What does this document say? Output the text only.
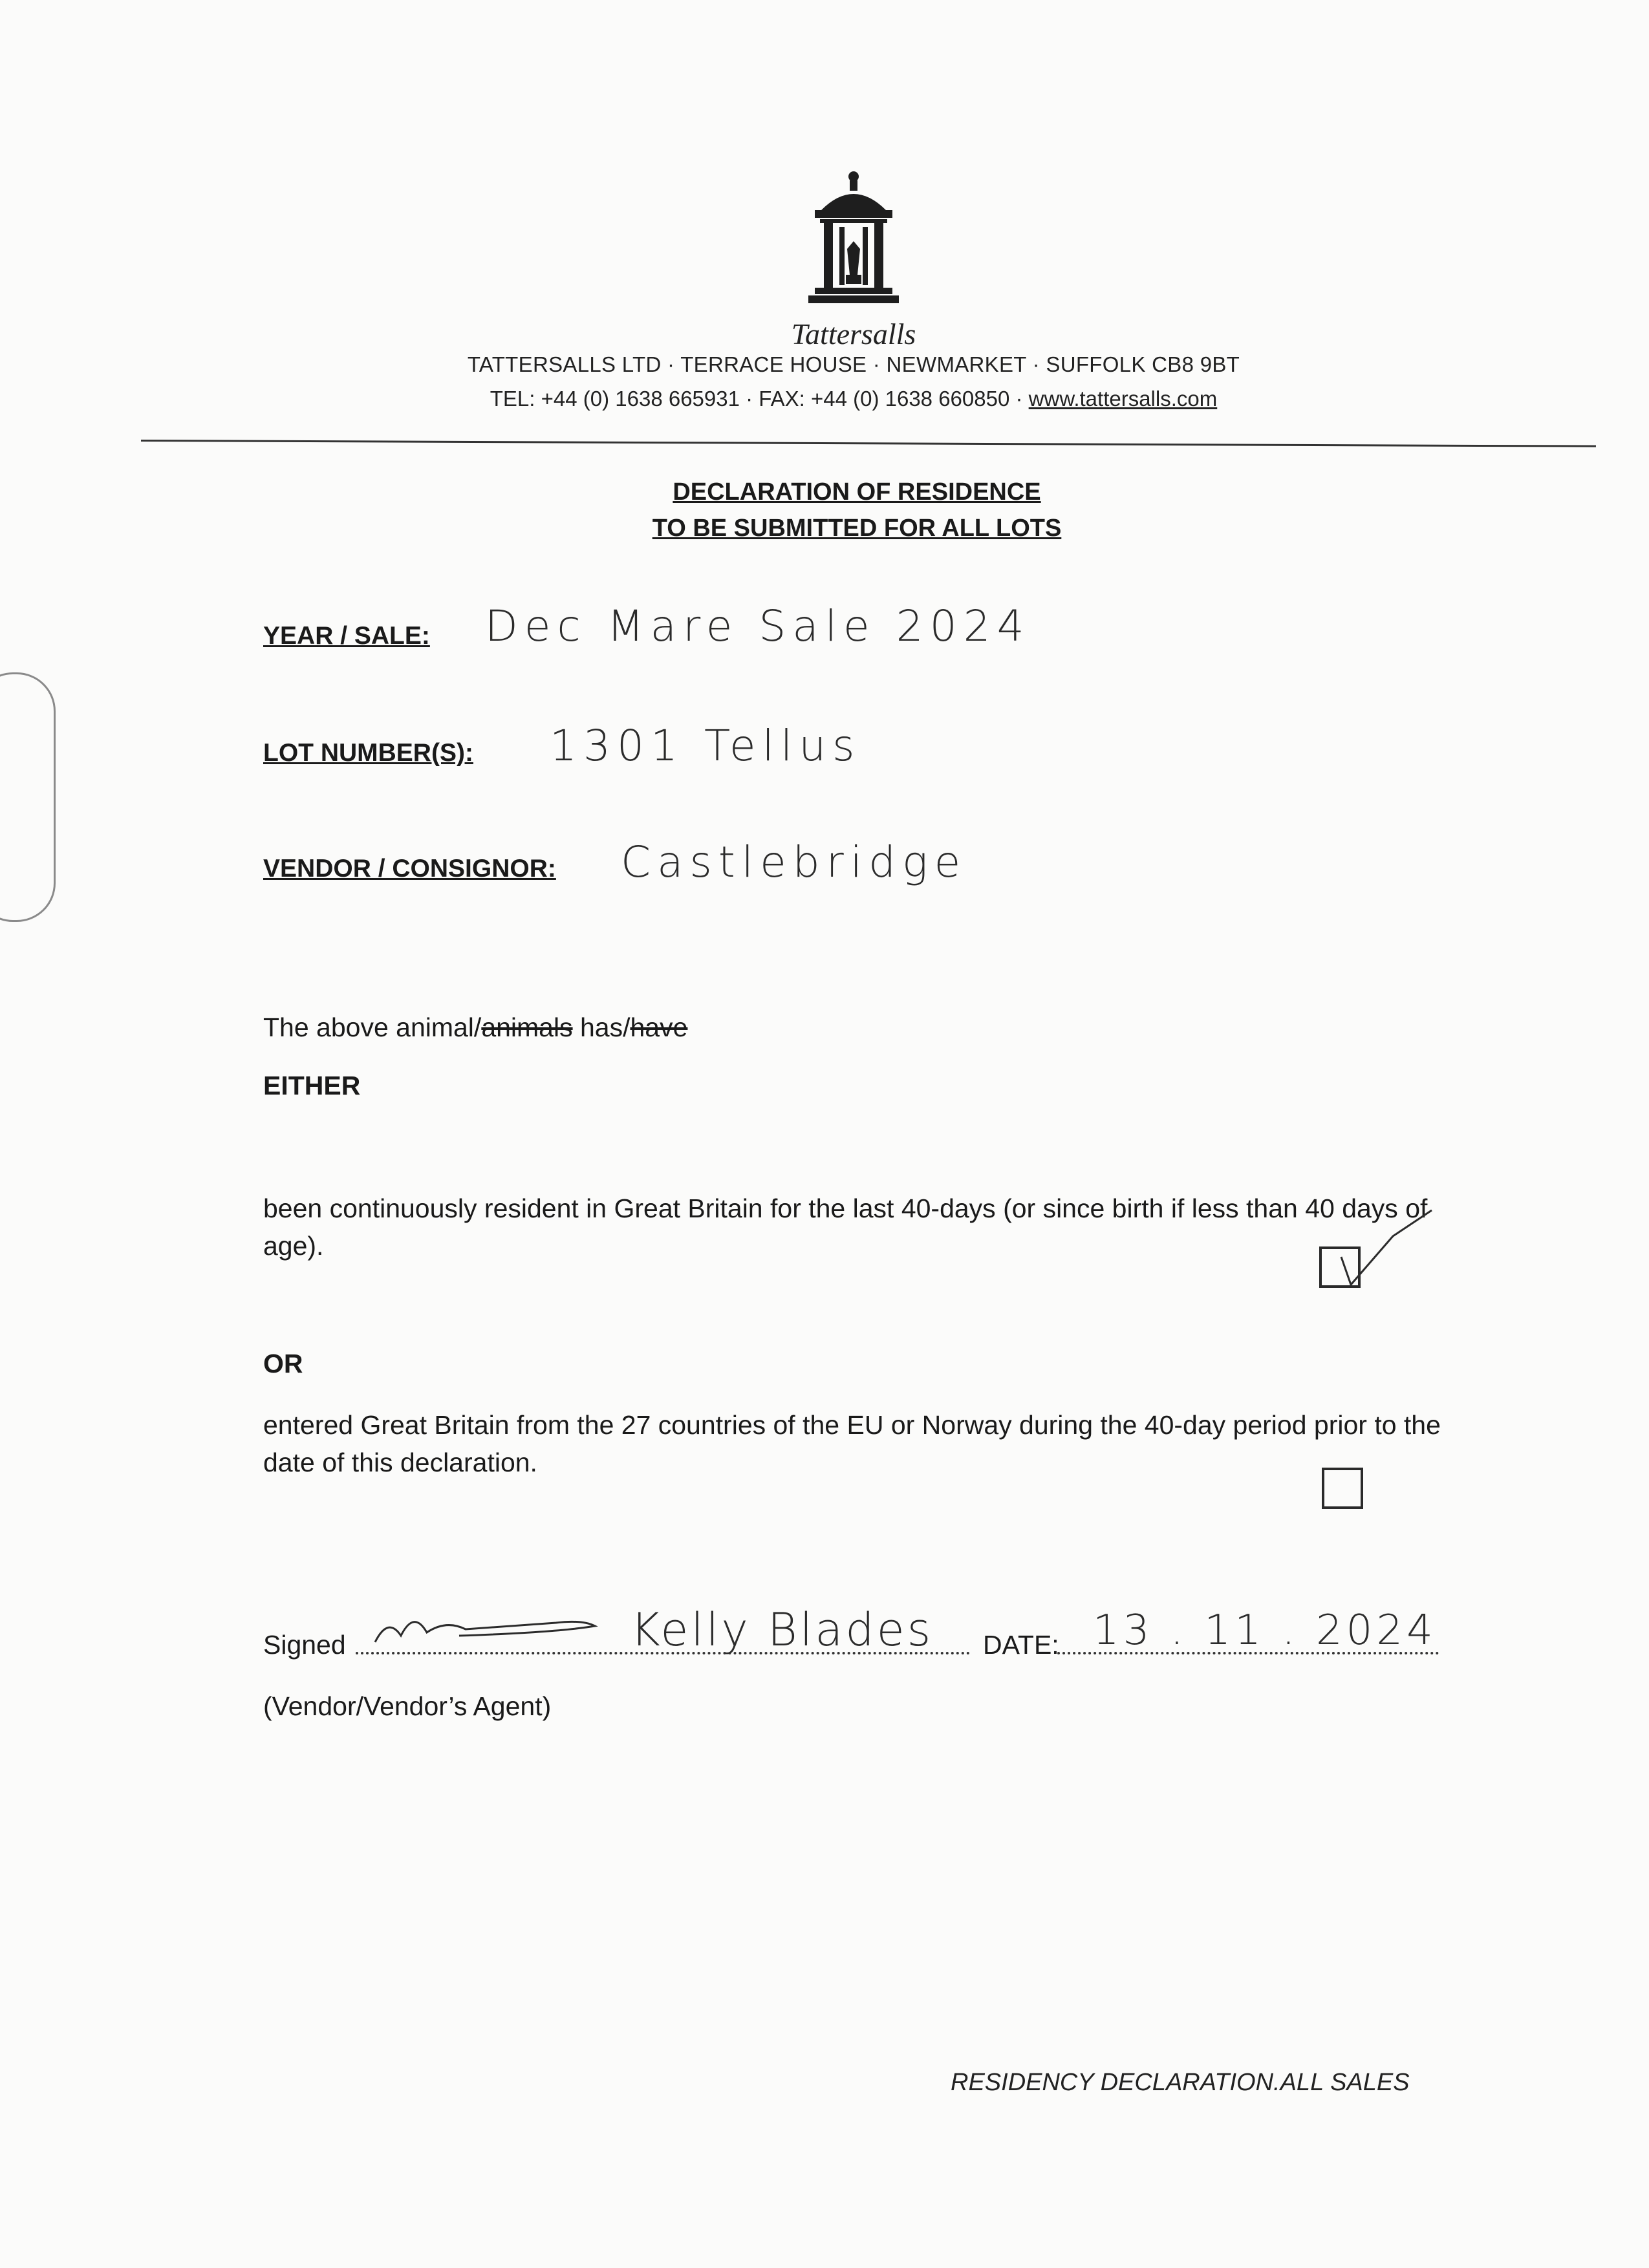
Tattersalls
TATTERSALLS LTD · TERRACE HOUSE · NEWMARKET · SUFFOLK CB8 9BT
TEL: +44 (0) 1638 665931 · FAX: +44 (0) 1638 660850 · www.tattersalls.com
DECLARATION OF RESIDENCE
TO BE SUBMITTED FOR ALL LOTS
YEAR / SALE: Dec Mare Sale 2024
LOT NUMBER(S): 1301 Tellus
VENDOR / CONSIGNOR: Castlebridge
The above animal/animals has/have
EITHER
been continuously resident in Great Britain for the last 40-days (or since birth if less than 40 days of age).
OR
entered Great Britain from the 27 countries of the EU or Norway during the 40-day period prior to the date of this declaration.
Signed	Kelly Blades DATE: 13 . 11 . 2024
(Vendor/Vendor’s Agent)
RESIDENCY DECLARATION.ALL SALES
